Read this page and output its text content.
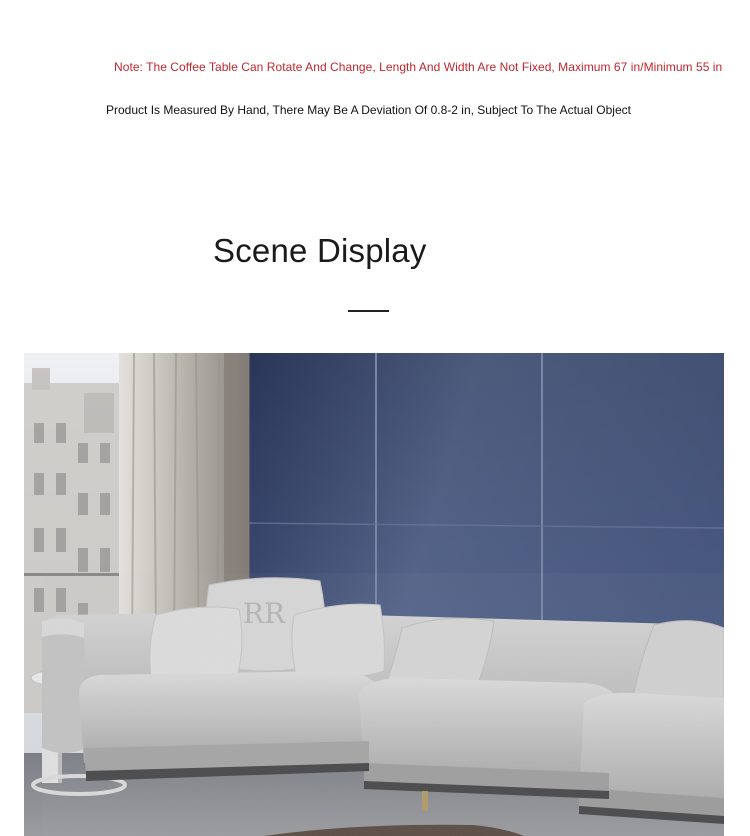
Note: The Coffee Table Can Rotate And Change, Length And Width Are Not Fixed, Maximum 67 in/Minimum 55 in
Product Is Measured By Hand, There May Be A Deviation Of 0.8-2 in, Subject To The Actual Object
Scene Display
RR
